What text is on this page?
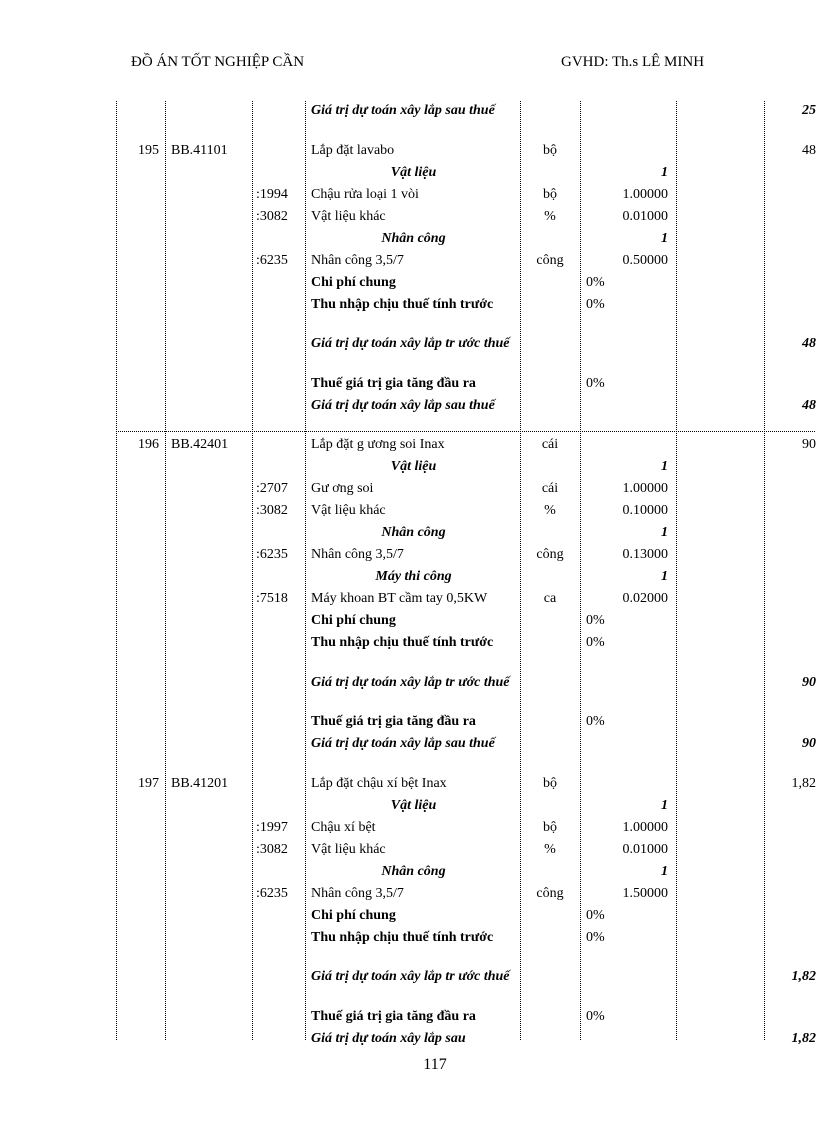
ĐỒ ÁN TỐT NGHIỆP CẦN	GVHD: Th.s LÊ MINH
Giá trị dự toán xây lắp sau thuế	25
195 BB.41101	Lắp đặt lavabo	bộ	48
Vật liệu	1
:1994	Chậu rửa loại 1 vòi	bộ	1.00000
:3082	Vật liệu khác	%	0.01000
Nhân công	1
:6235	Nhân công 3,5/7	công	0.50000
Chi phí chung	0%
Thu nhập chịu thuế tính trước	0%
Giá trị dự toán xây lắp tr ước thuế	48
Thuế giá trị gia tăng đầu ra	0%
Giá trị dự toán xây lắp sau thuế	48
196 BB.42401	Lắp đặt g ương soi Inax	cái	90
Vật liệu	1
:2707	Gư ơng soi	cái	1.00000
:3082	Vật liệu khác	%	0.10000
Nhân công	1
:6235	Nhân công 3,5/7	công	0.13000
Máy thi công	1
:7518	Máy khoan BT cầm tay 0,5KW	ca	0.02000
Chi phí chung	0%
Thu nhập chịu thuế tính trước	0%
Giá trị dự toán xây lắp tr ước thuế	90
Thuế giá trị gia tăng đầu ra	0%
Giá trị dự toán xây lắp sau thuế	90
197 BB.41201	Lắp đặt chậu xí bệt Inax	bộ	1,82
Vật liệu	1
:1997	Chậu xí bệt	bộ	1.00000
:3082	Vật liệu khác	%	0.01000
Nhân công	1
:6235	Nhân công 3,5/7	công	1.50000
Chi phí chung	0%
Thu nhập chịu thuế tính trước	0%
Giá trị dự toán xây lắp tr ước thuế	1,82
Thuế giá trị gia tăng đầu ra	0%
Giá trị dự toán xây lắp sau	1,82
117
